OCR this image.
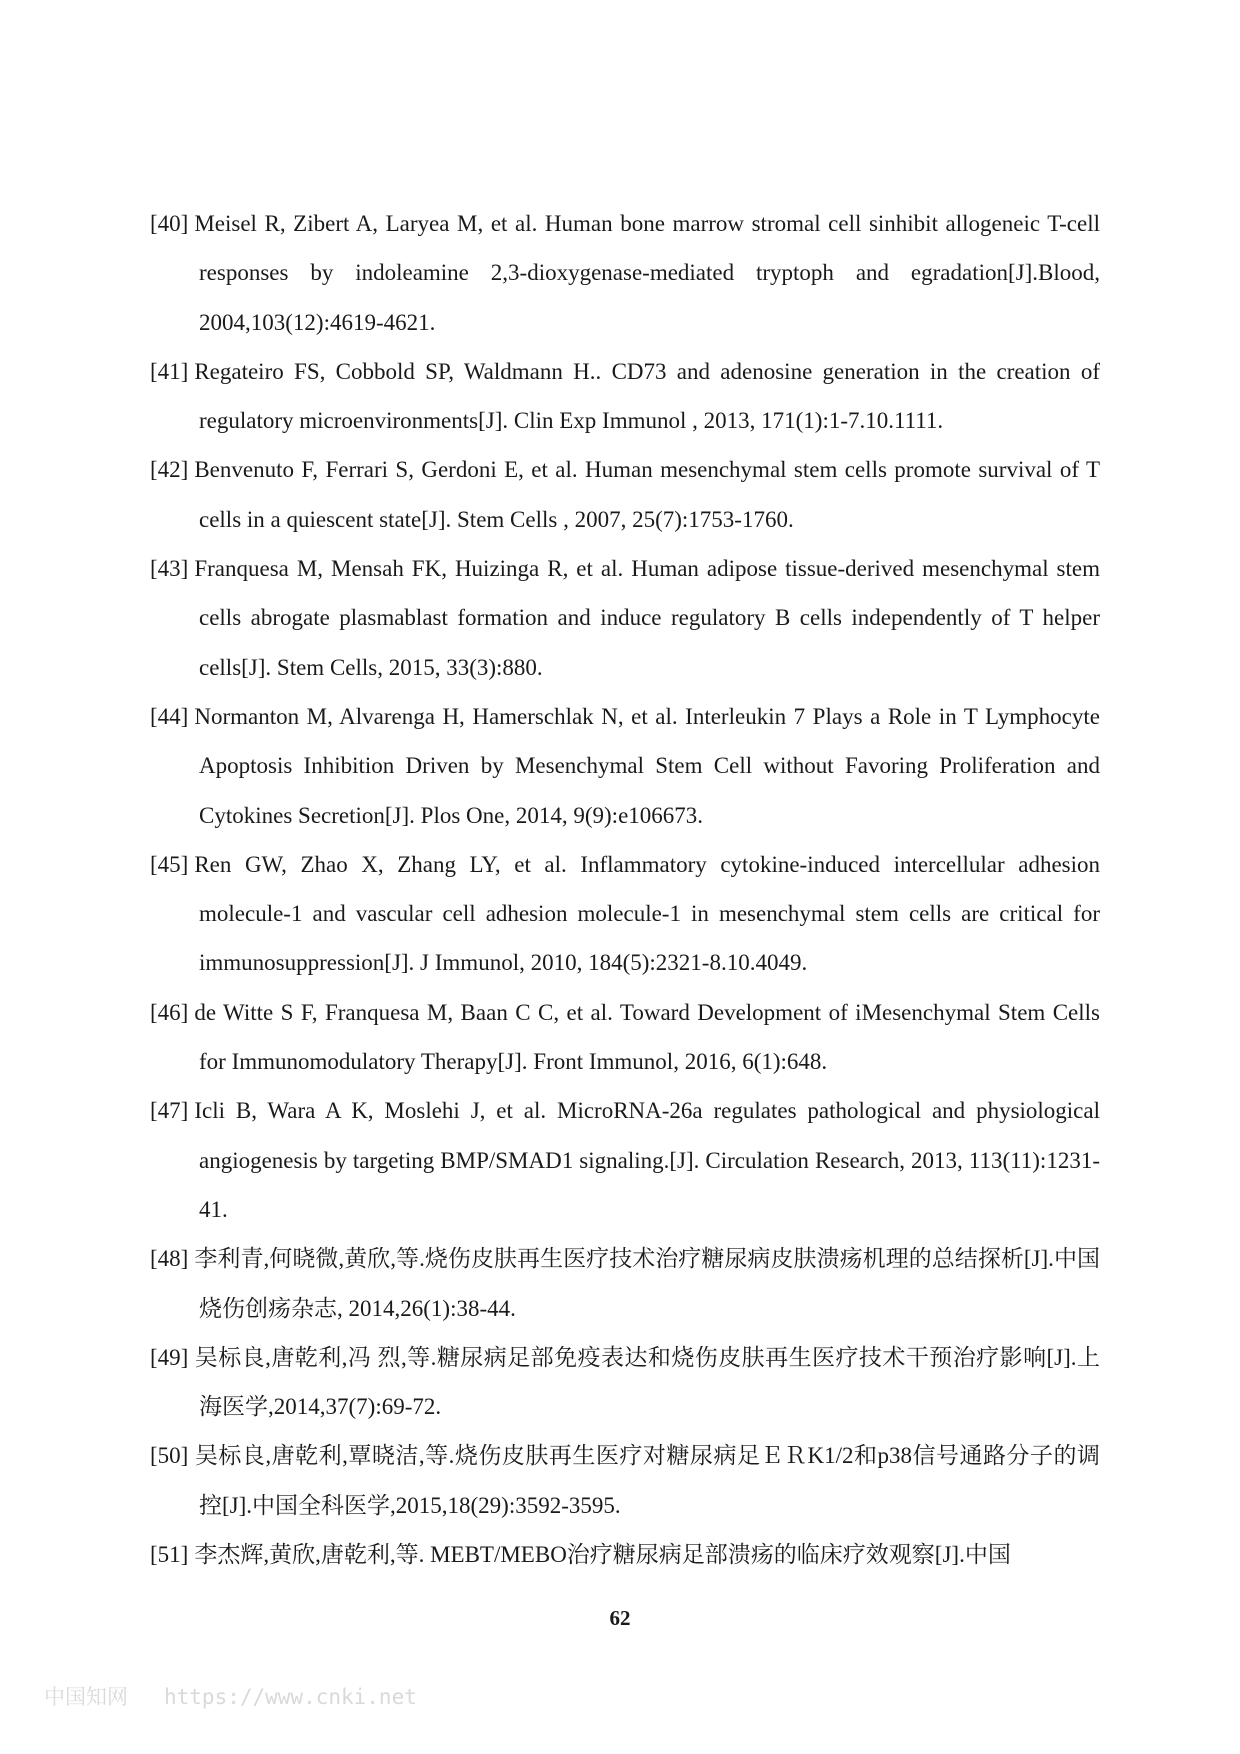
[40] Meisel R, Zibert A, Laryea M, et al. Human bone marrow stromal cell sinhibit allogeneic T-cell responses by indoleamine 2,3-dioxygenase-mediated tryptoph and egradation[J].Blood, 2004,103(12):4619-4621.
[41] Regateiro FS, Cobbold SP, Waldmann H.. CD73 and adenosine generation in the creation of regulatory microenvironments[J]. Clin Exp Immunol , 2013, 171(1):1-7.10.1111.
[42] Benvenuto F, Ferrari S, Gerdoni E, et al. Human mesenchymal stem cells promote survival of T cells in a quiescent state[J]. Stem Cells , 2007, 25(7):1753-1760.
[43] Franquesa M, Mensah FK, Huizinga R, et al. Human adipose tissue-derived mesenchymal stem cells abrogate plasmablast formation and induce regulatory B cells independently of T helper cells[J]. Stem Cells, 2015, 33(3):880.
[44] Normanton M, Alvarenga H, Hamerschlak N, et al. Interleukin 7 Plays a Role in T Lymphocyte Apoptosis Inhibition Driven by Mesenchymal Stem Cell without Favoring Proliferation and Cytokines Secretion[J]. Plos One, 2014, 9(9):e106673.
[45] Ren GW, Zhao X, Zhang LY, et al. Inflammatory cytokine-induced intercellular adhesion molecule-1 and vascular cell adhesion molecule-1 in mesenchymal stem cells are critical for immunosuppression[J]. J Immunol, 2010, 184(5):2321-8.10.4049.
[46] de Witte S F, Franquesa M, Baan C C, et al. Toward Development of iMesenchymal Stem Cells for Immunomodulatory Therapy[J]. Front Immunol, 2016, 6(1):648.
[47] Icli B, Wara A K, Moslehi J, et al. MicroRNA-26a regulates pathological and physiological angiogenesis by targeting BMP/SMAD1 signaling.[J]. Circulation Research, 2013, 113(11):1231-41.
[48] 李利青,何晓微,黄欣,等.烧伤皮肤再生医疗技术治疗糖尿病皮肤溃疡机理的总结探析[J].中国烧伤创疡杂志, 2014,26(1):38-44.
[49] 吴标良,唐乾利,冯 烈,等.糖尿病足部免疫表达和烧伤皮肤再生医疗技术干预治疗影响[J].上海医学,2014,37(7):69-72.
[50] 吴标良,唐乾利,覃晓洁,等.烧伤皮肤再生医疗对糖尿病足ＥＲK1/2和p38信号通路分子的调控[J].中国全科医学,2015,18(29):3592-3595.
[51] 李杰辉,黄欣,唐乾利,等. MEBT/MEBO治疗糖尿病足部溃疡的临床疗效观察[J].中国
62
中国知网 https://www.cnki.net
